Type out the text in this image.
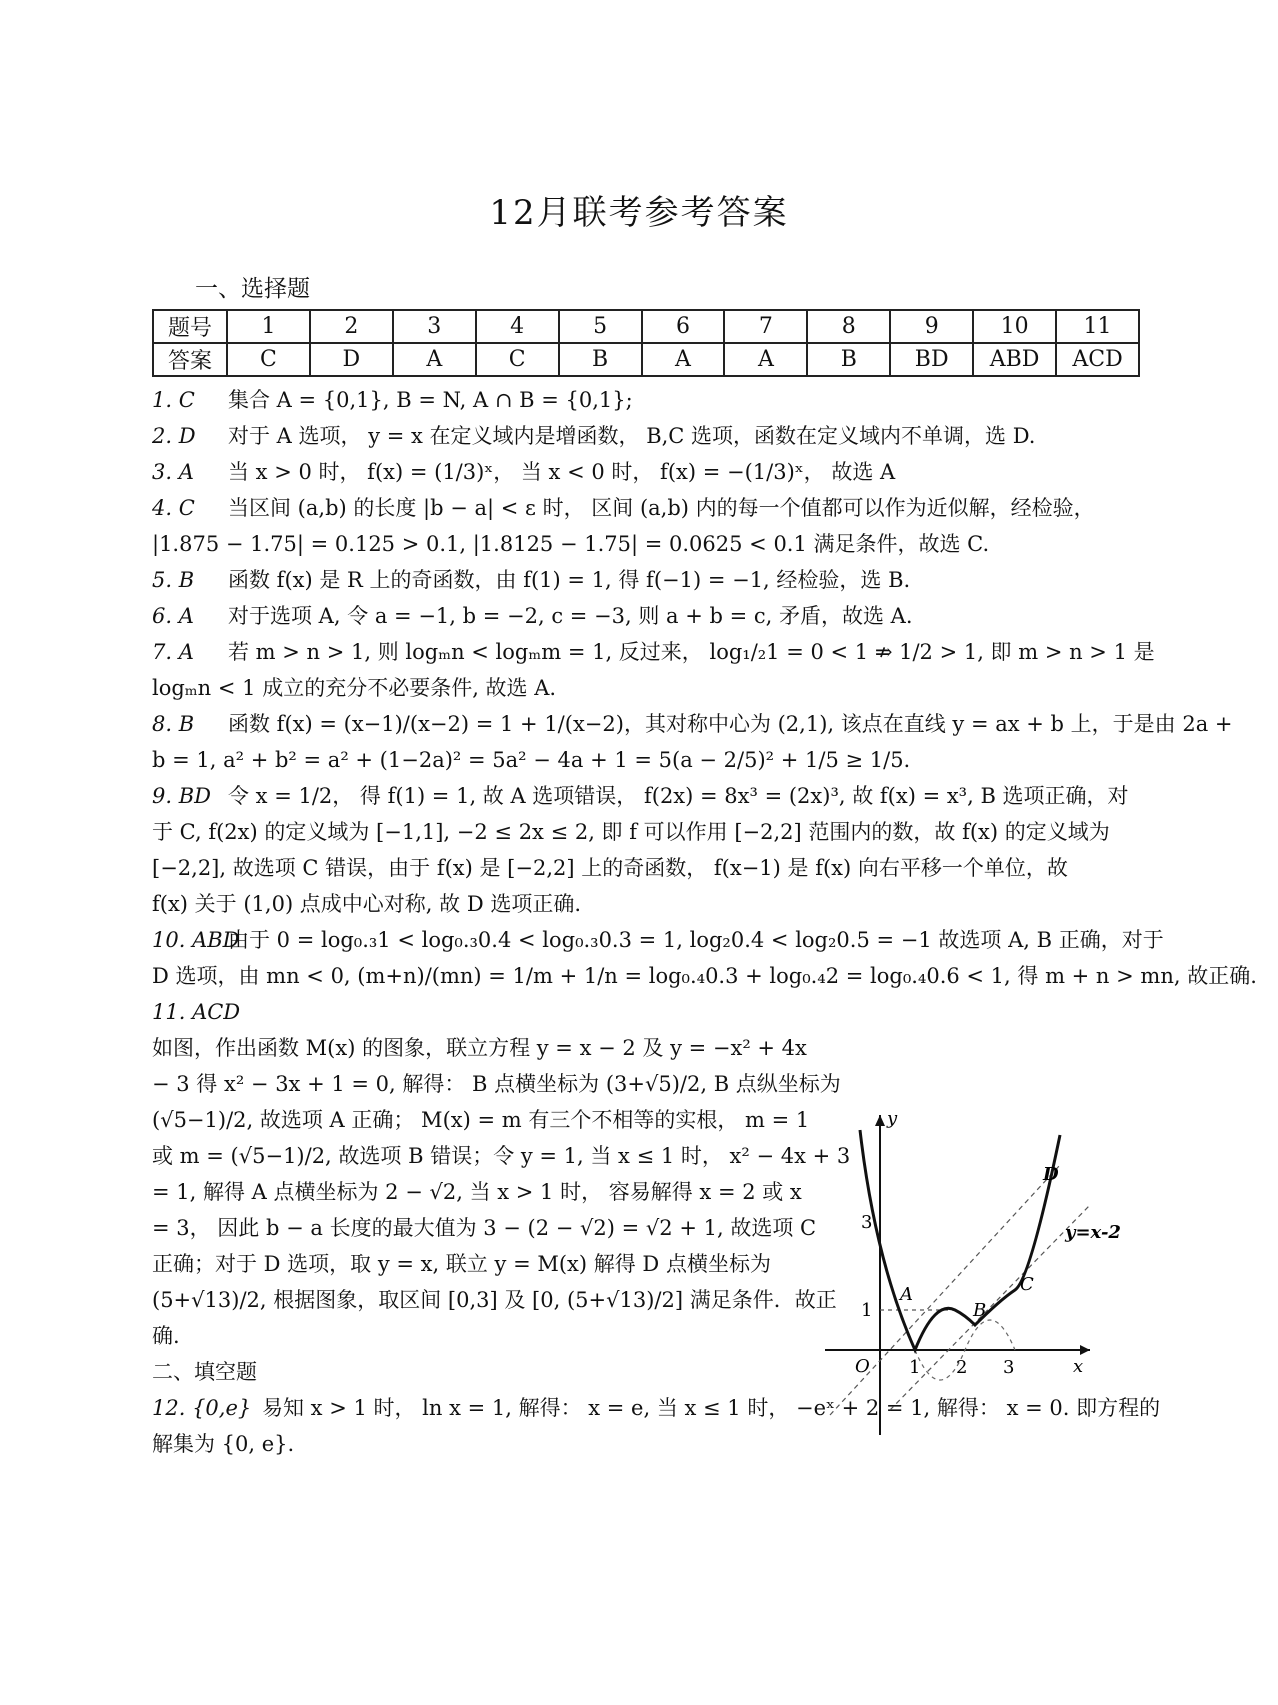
12月联考参考答案
一、选择题
题号	1	2	3	4	5	6	7	8	9	10	11
答案	C	D	A	C	B	A	A	B	BD	ABD	ACD
1. C 集合 A = {0,1}, B = N, A ∩ B = {0,1};
2. D 对于 A 选项， y = x 在定义域内是增函数， B,C 选项，函数在定义域内不单调，选 D.
3. A 当 x > 0 时， f(x) = (1/3)ˣ， 当 x < 0 时， f(x) = −(1/3)ˣ， 故选 A
4. C 当区间 (a,b) 的长度 |b − a| < ε 时， 区间 (a,b) 内的每一个值都可以作为近似解，经检验，
|1.875 − 1.75| = 0.125 > 0.1, |1.8125 − 1.75| = 0.0625 < 0.1 满足条件，故选 C.
5. B 函数 f(x) 是 R 上的奇函数，由 f(1) = 1, 得 f(−1) = −1, 经检验，选 B.
6. A 对于选项 A, 令 a = −1, b = −2, c = −3, 则 a + b = c, 矛盾，故选 A.
7. A 若 m > n > 1, 则 logₘn < logₘm = 1, 反过来， log₁/₂1 = 0 < 1 ⇏ 1/2 > 1, 即 m > n > 1 是
logₘn < 1 成立的充分不必要条件, 故选 A.
8. B 函数 f(x) = (x−1)/(x−2) = 1 + 1/(x−2)，其对称中心为 (2,1), 该点在直线 y = ax + b 上，于是由 2a +
b = 1, a² + b² = a² + (1−2a)² = 5a² − 4a + 1 = 5(a − 2/5)² + 1/5 ≥ 1/5.
9. BD 令 x = 1/2， 得 f(1) = 1, 故 A 选项错误， f(2x) = 8x³ = (2x)³, 故 f(x) = x³, B 选项正确，对
于 C, f(2x) 的定义域为 [−1,1], −2 ≤ 2x ≤ 2, 即 f 可以作用 [−2,2] 范围内的数，故 f(x) 的定义域为
[−2,2], 故选项 C 错误，由于 f(x) 是 [−2,2] 上的奇函数， f(x−1) 是 f(x) 向右平移一个单位，故
f(x) 关于 (1,0) 点成中心对称, 故 D 选项正确.
10. ABD由于 0 = log₀.₃1 < log₀.₃0.4 < log₀.₃0.3 = 1, log₂0.4 < log₂0.5 = −1 故选项 A, B 正确，对于
D 选项，由 mn < 0, (m+n)/(mn) = 1/m + 1/n = log₀.₄0.3 + log₀.₄2 = log₀.₄0.6 < 1, 得 m + n > mn, 故正确.
11. ACD
如图，作出函数 M(x) 的图象，联立方程 y = x − 2 及 y = −x² + 4x
− 3 得 x² − 3x + 1 = 0, 解得： B 点横坐标为 (3+√5)/2, B 点纵坐标为
(√5−1)/2, 故选项 A 正确； M(x) = m 有三个不相等的实根， m = 1
或 m = (√5−1)/2, 故选项 B 错误；令 y = 1, 当 x ≤ 1 时， x² − 4x + 3
= 1, 解得 A 点横坐标为 2 − √2, 当 x > 1 时， 容易解得 x = 2 或 x
= 3， 因此 b − a 长度的最大值为 3 − (2 − √2) = √2 + 1, 故选项 C
正确；对于 D 选项，取 y = x, 联立 y = M(x) 解得 D 点横坐标为
(5+√13)/2, 根据图象，取区间 [0,3] 及 [0, (5+√13)/2] 满足条件．故正
确.
二、填空题
12. {0,e} 易知 x > 1 时， ln x = 1, 解得： x = e, 当 x ≤ 1 时， −eˣ + 2 = 1, 解得： x = 0. 即方程的
解集为 {0, e}.
y
x
O 1 2 3
1
3
A
B
C
D
y=x-2
